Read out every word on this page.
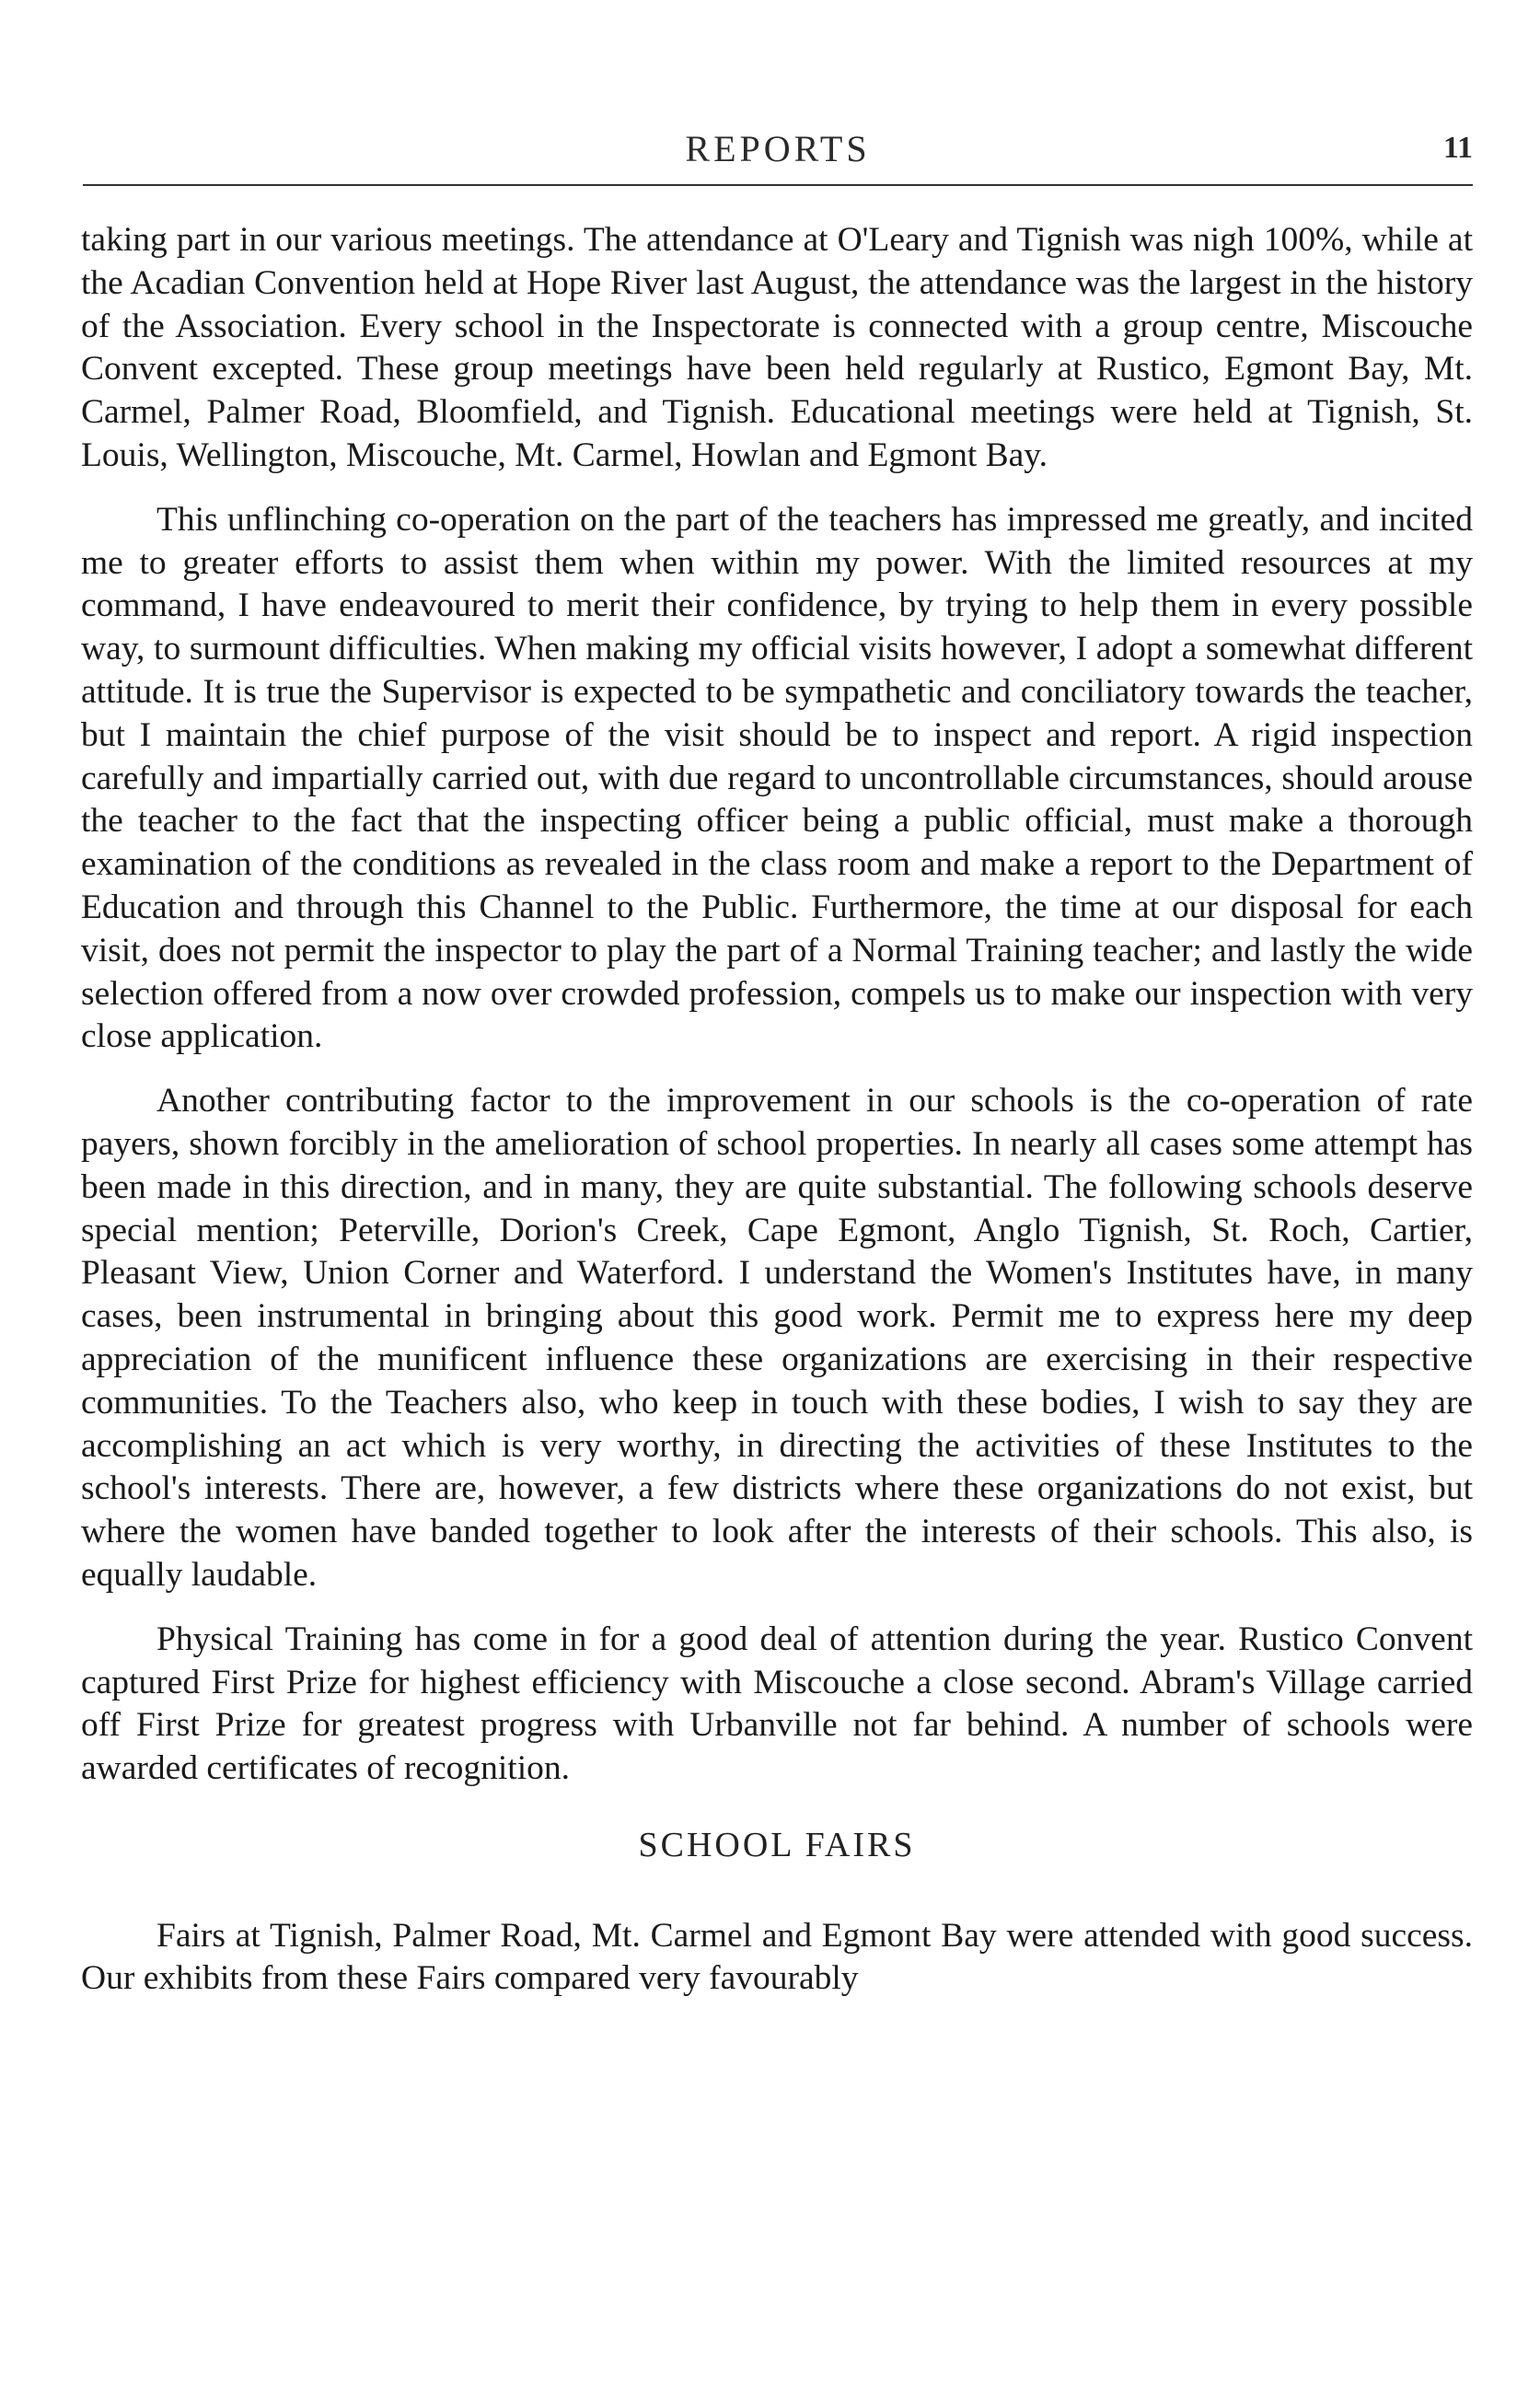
REPORTS	11

taking part in our various meetings. The attendance at O'Leary and Tignish was nigh 100%, while at the Acadian Convention held at Hope River last August, the attendance was the largest in the history of the Association. Every school in the Inspectorate is connected with a group centre, Miscouche Convent excepted. These group meetings have been held regularly at Rustico, Egmont Bay, Mt. Carmel, Palmer Road, Bloomfield, and Tignish. Educational meetings were held at Tignish, St. Louis, Wellington, Miscouche, Mt. Carmel, Howlan and Egmont Bay.

This unflinching co-operation on the part of the teachers has impressed me greatly, and incited me to greater efforts to assist them when within my power. With the limited resources at my command, I have endeavoured to merit their confidence, by trying to help them in every possible way, to surmount difficulties. When making my official visits however, I adopt a somewhat different attitude. It is true the Supervisor is expected to be sympathetic and conciliatory towards the teacher, but I maintain the chief purpose of the visit should be to inspect and report. A rigid inspection carefully and impartially carried out, with due regard to uncontrollable circumstances, should arouse the teacher to the fact that the inspecting officer being a public official, must make a thorough examination of the conditions as revealed in the class room and make a report to the Department of Education and through this Channel to the Public. Furthermore, the time at our disposal for each visit, does not permit the inspector to play the part of a Normal Training teacher; and lastly the wide selection offered from a now over crowded profession, compels us to make our inspection with very close application.

Another contributing factor to the improvement in our schools is the co-operation of rate payers, shown forcibly in the amelioration of school properties. In nearly all cases some attempt has been made in this direction, and in many, they are quite substantial. The following schools deserve special mention; Peterville, Dorion's Creek, Cape Egmont, Anglo Tignish, St. Roch, Cartier, Pleasant View, Union Corner and Waterford. I understand the Women's Institutes have, in many cases, been instrumental in bringing about this good work. Permit me to express here my deep appreciation of the munificent influence these organizations are exercising in their respective communities. To the Teachers also, who keep in touch with these bodies, I wish to say they are accomplishing an act which is very worthy, in directing the activities of these Institutes to the school's interests. There are, however, a few districts where these organizations do not exist, but where the women have banded together to look after the interests of their schools. This also, is equally laudable.

Physical Training has come in for a good deal of attention during the year. Rustico Convent captured First Prize for highest efficiency with Miscouche a close second. Abram's Village carried off First Prize for greatest progress with Urbanville not far behind. A number of schools were awarded certificates of recognition.

SCHOOL FAIRS

Fairs at Tignish, Palmer Road, Mt. Carmel and Egmont Bay were attended with good success. Our exhibits from these Fairs compared very favourably
